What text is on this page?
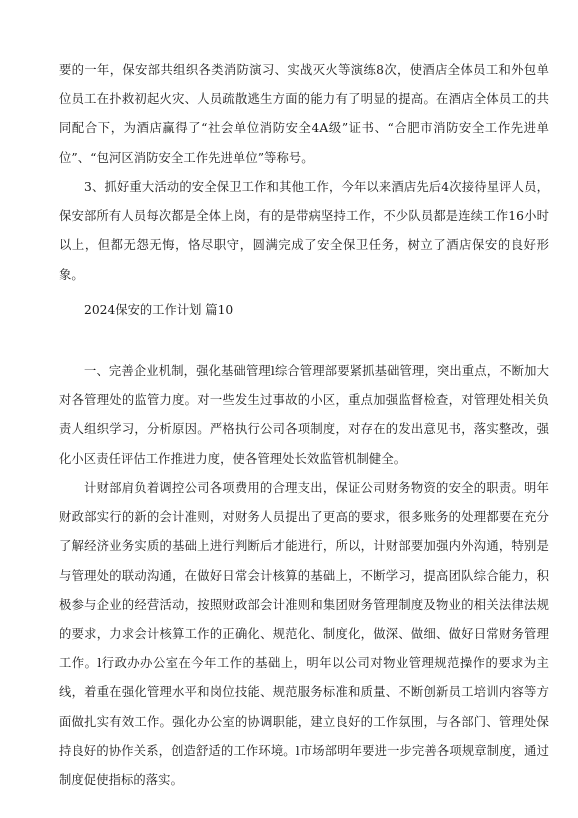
要的一年，保安部共组织各类消防演习、实战灭火等演练8次，使酒店全体员工和外包单位员工在扑救初起火灾、人员疏散逃生方面的能力有了明显的提高。在酒店全体员工的共同配合下，为酒店赢得了“社会单位消防安全4A级”证书、“合肥市消防安全工作先进单位”、“包河区消防安全工作先进单位”等称号。

3、抓好重大活动的安全保卫工作和其他工作，今年以来酒店先后4次接待星评人员，保安部所有人员每次都是全体上岗，有的是带病坚持工作，不少队员都是连续工作16小时以上，但都无怨无悔，恪尽职守，圆满完成了安全保卫任务，树立了酒店保安的良好形象。

2024保安的工作计划 篇10

一、完善企业机制，强化基础管理l综合管理部要紧抓基础管理，突出重点，不断加大对各管理处的监管力度。对一些发生过事故的小区，重点加强监督检查，对管理处相关负责人组织学习，分析原因。严格执行公司各项制度，对存在的发出意见书，落实整改，强化小区责任评估工作推进力度，使各管理处长效监管机制健全。

计财部肩负着调控公司各项费用的合理支出，保证公司财务物资的安全的职责。明年财政部实行的新的会计准则，对财务人员提出了更高的要求，很多账务的处理都要在充分了解经济业务实质的基础上进行判断后才能进行，所以，计财部要加强内外沟通，特别是与管理处的联动沟通，在做好日常会计核算的基础上，不断学习，提高团队综合能力，积极参与企业的经营活动，按照财政部会计准则和集团财务管理制度及物业的相关法律法规的要求，力求会计核算工作的正确化、规范化、制度化，做深、做细、做好日常财务管理工作。l行政办办公室在今年工作的基础上，明年以公司对物业管理规范操作的要求为主线，着重在强化管理水平和岗位技能、规范服务标准和质量、不断创新员工培训内容等方面做扎实有效工作。强化办公室的协调职能，建立良好的工作氛围，与各部门、管理处保持良好的协作关系，创造舒适的工作环境。l市场部明年要进一步完善各项规章制度，通过制度促使指标的落实。
